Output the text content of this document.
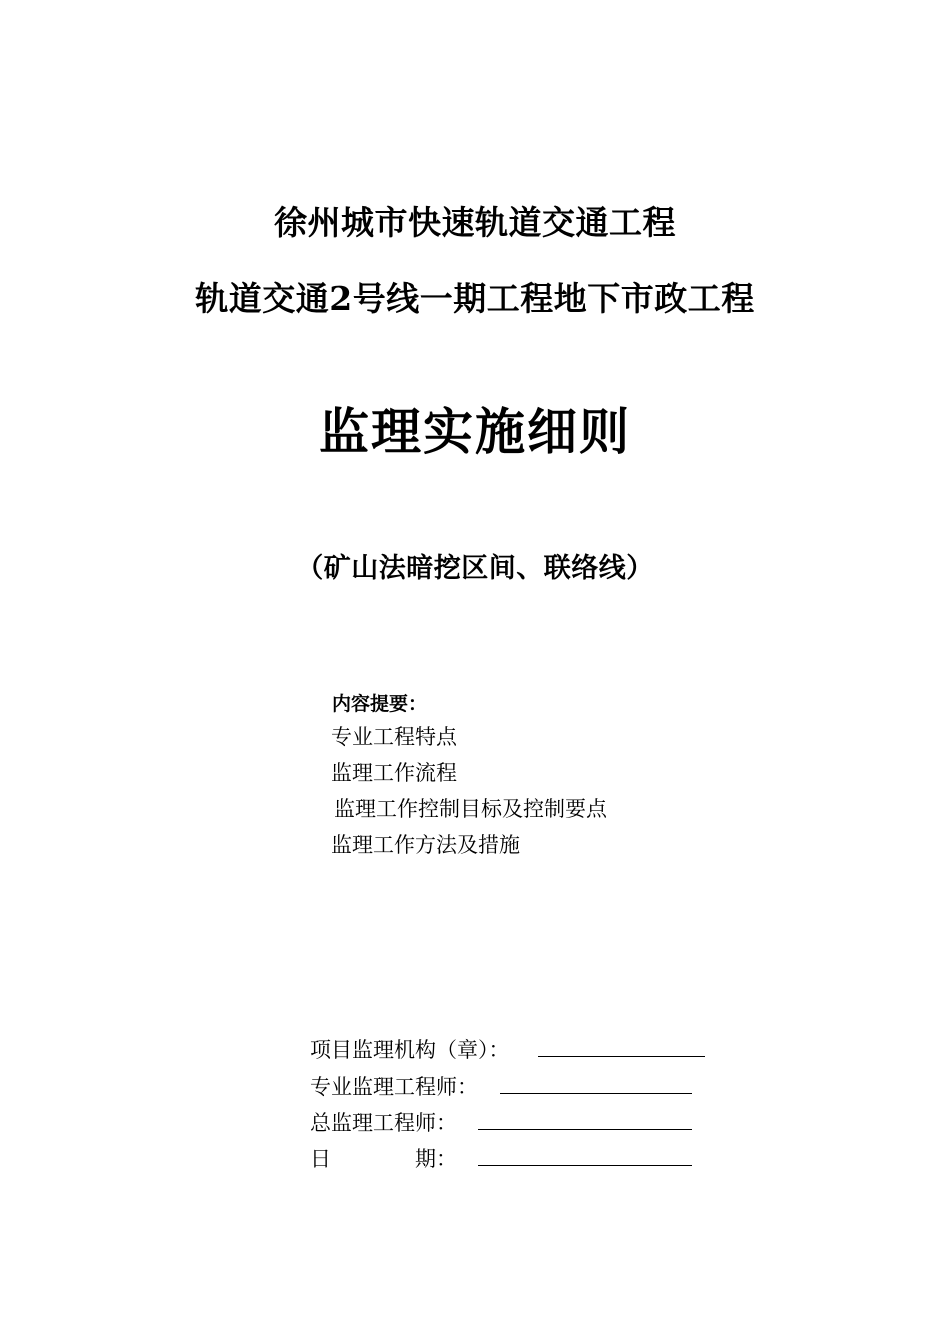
徐州城市快速轨道交通工程
轨道交通2号线一期工程地下市政工程
监理实施细则
（矿山法暗挖区间、联络线）
内容提要：
专业工程特点
监理工作流程
监理工作控制目标及控制要点
监理工作方法及措施
项目监理机构（章）：
专业监理工程师：
总监理工程师：
日　　　　期：
